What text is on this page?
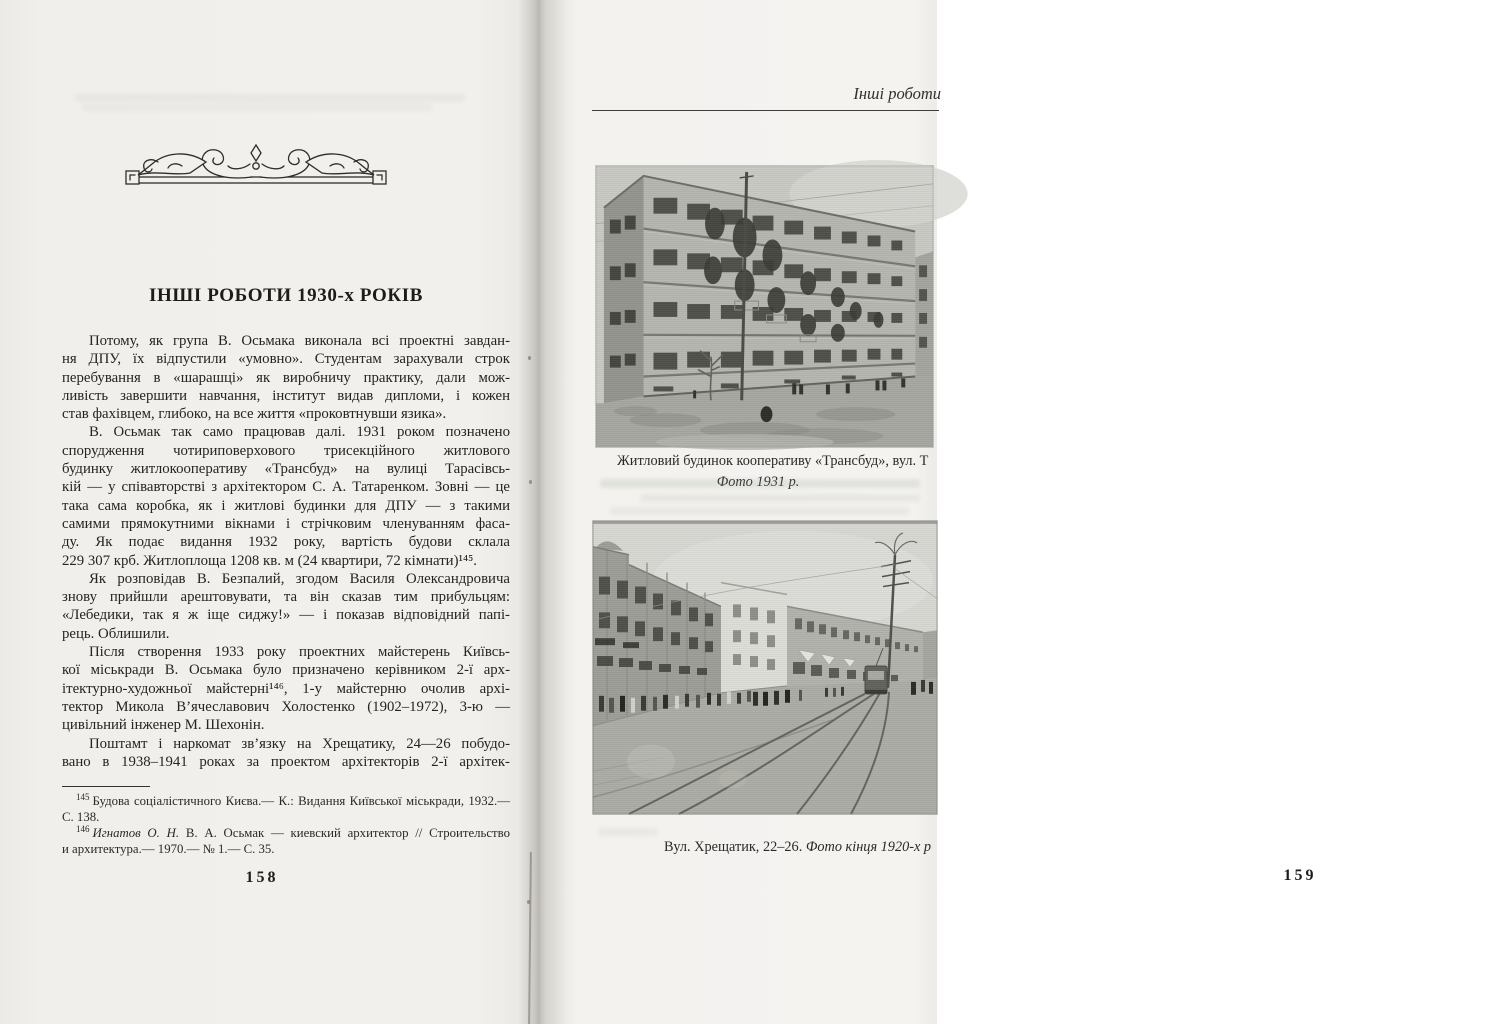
ІНШІ РОБОТИ 1930-х РОКІВ
Потому, як група В. Осьмака виконала всі проектні завдан-
ня ДПУ, їх відпустили «умовно». Студентам зарахували строк
перебування в «шарашці» як виробничу практику, дали мож-
ливість завершити навчання, інститут видав дипломи, і кожен
став фахівцем, глибоко, на все життя «проковтнувши язика».
В. Осьмак так само працював далі. 1931 роком позначено
спорудження чотириповерхового трисекційного житлового
будинку житлокооперативу «Трансбуд» на вулиці Тарасівсь-
кій — у співавторстві з архітектором С. А. Татаренком. Зовні — це
така сама коробка, як і житлові будинки для ДПУ — з такими
самими прямокутними вікнами і стрічковим членуванням фаса-
ду. Як подає видання 1932 року, вартість будови склала
229 307 крб. Житлоплоща 1208 кв. м (24 квартири, 72 кімнати)¹⁴⁵.
Як розповідав В. Безпалий, згодом Василя Олександровича
знову прийшли арештовувати, та він сказав тим прибульцям:
«Лебедики, так я ж іще сиджу!» — і показав відповідний папі-
рець. Облишили.
Після створення 1933 року проектних майстерень Київсь-
кої міськради В. Осьмака було призначено керівником 2-ї арх-
ітектурно-художньої майстерні¹⁴⁶, 1-у майстерню очолив архі-
тектор Микола В’ячеславович Холостенко (1902–1972), 3-ю —
цивільний інженер М. Шехонін.
Поштамт і наркомат зв’язку на Хрещатику, 24—26 побудо-
вано в 1938–1941 роках за проектом архітекторів 2-ї архітек-
$^{145}$ Будова соціалістичного Києва.— К.: Видання Київської міськради, 1932.—
С. 138.
$^{146}$ Игнатов О. Н. В. А. Осьмак — киевский архитектор // Строительство
и архитектура.— 1970.— № 1.— С. 35.
158
Інші роботи
Житловий будинок кооперативу «Трансбуд», вул. Т
Фото 1931 р.
Вул. Хрещатик, 22–26. Фото кінця 1920-х р
159
